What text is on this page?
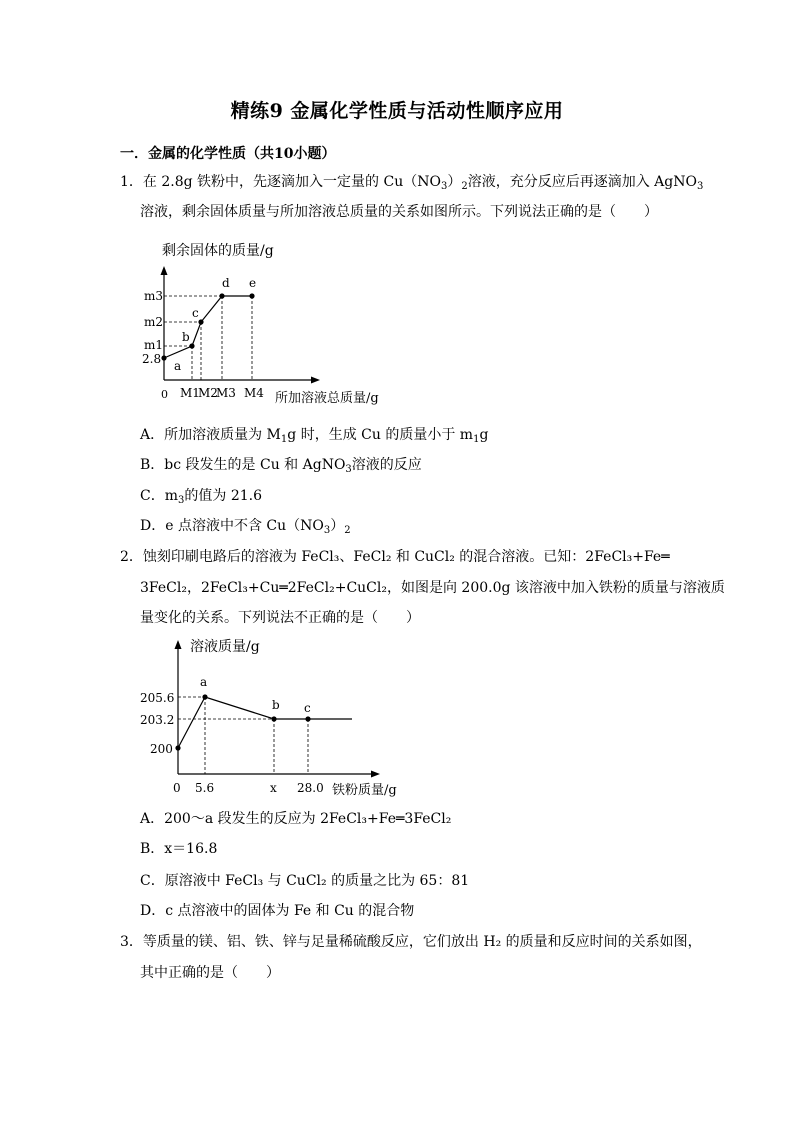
精练9 金属化学性质与活动性顺序应用
一．金属的化学性质（共10小题）
1．在 2.8g 铁粉中，先逐滴加入一定量的 $Cu(NO_3)_2$溶液，充分反应后再逐滴加入 AgNO$_3$
溶液，剩余固体质量与所加溶液总质量的关系如图所示。下列说法正确的是（　　）
剩余固体的质量/g
所加溶液总质量/g
0
m3
m2
m1
2.8
M1
M2
M3 M4
a
b
c
d e
A．所加溶液质量为 $M_1g$ 时，生成 Cu 的质量小于 $m_1g$
B．bc 段发生的是 Cu 和 AgNO$_3$溶液的反应
C．$m_3$的值为 21.6
D．e 点溶液中不含 $Cu(NO_3)_2$
2．蚀刻印刷电路后的溶液为 FeCl₃、FeCl₂ 和 CuCl₂ 的混合溶液。已知：2FeCl₃+Fe═
3FeCl₂，2FeCl₃+Cu═2FeCl₂+CuCl₂，如图是向 200.0g 该溶液中加入铁粉的质量与溶液质
量变化的关系。下列说法不正确的是（　　）
溶液质量/g
铁粉质量/g
0
205.6
203.2
200
5.6	x 28.0
a
b c
A．200～a 段发生的反应为 2FeCl₃+Fe═3FeCl₂
B．x＝16.8
C．原溶液中 FeCl₃ 与 CuCl₂ 的质量之比为 65：81
D．c 点溶液中的固体为 Fe 和 Cu 的混合物
3．等质量的镁、铝、铁、锌与足量稀硫酸反应，它们放出 H₂ 的质量和反应时间的关系如图，
其中正确的是（　　）
